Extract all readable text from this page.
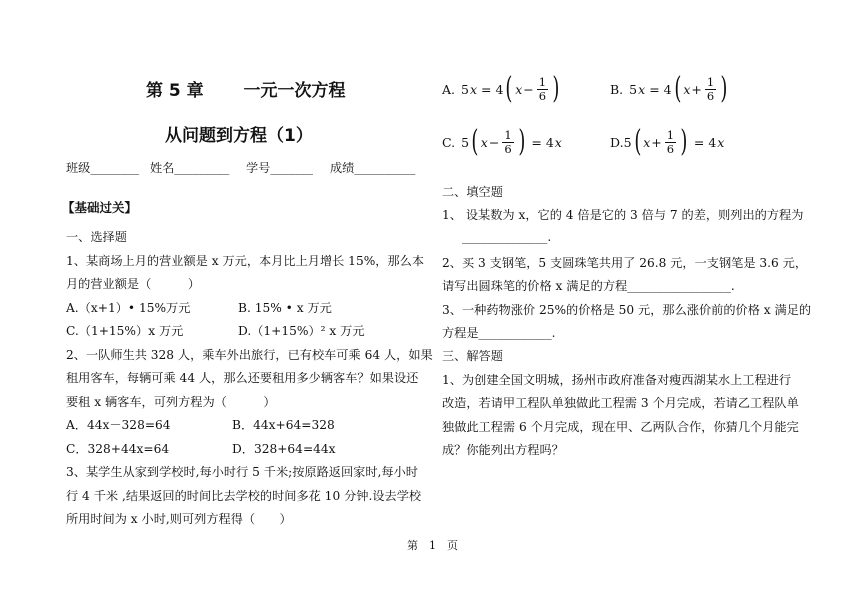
第 5 章 一元一次方程
从问题到方程（1）
班级________ 姓名_________ 学号_______ 成绩__________
【基础过关】
一、选择题
1、某商场上月的营业额是 x 万元，本月比上月增长 15%，那么本
月的营业额是（　　　）
A.（x+1）• 15%万元	B. 15% • x 万元
C.（1+15%）x 万元	D.（1+15%）² x 万元
2、一队师生共 328 人，乘车外出旅行，已有校车可乘 64 人，如果
租用客车，每辆可乘 44 人，那么还要租用多少辆客车？如果设还
要租 x 辆客车，可列方程为（　　　）
A．44x－328=64	B．44x+64=328
C．328+44x=64	D．328+64=44x
3、某学生从家到学校时,每小时行 5 千米;按原路返回家时,每小时
行 4 千米 ,结果返回的时间比去学校的时间多花 10 分钟.设去学校
所用时间为 x 小时,则可列方程得（　　）
A. 5 x = 4 ( $x - \frac{1}{6}$ )	B. 5 x = 4 ( $x + \frac{1}{6}$ )
C. 5 ( $x - \frac{1}{6}$ ) = 4 x	D. 5 ( $x + \frac{1}{6}$ ) = 4 x
二、填空题
1、 设某数为 x，它的 4 倍是它的 3 倍与 7 的差，则列出的方程为
______________.
2、买 3 支钢笔，5 支圆珠笔共用了 26.8 元，一支钢笔是 3.6 元，
请写出圆珠笔的价格 x 满足的方程_________________.
3、一种药物涨价 25%的价格是 50 元，那么涨价前的价格 x 满足的
方程是____________.
三、解答题
1、为创建全国文明城，扬州市政府准备对瘦西湖某水上工程进行
改造，若请甲工程队单独做此工程需 3 个月完成，若请乙工程队单
独做此工程需 6 个月完成，现在甲、乙两队合作，你猜几个月能完
成？你能列出方程吗？
第　1　页
